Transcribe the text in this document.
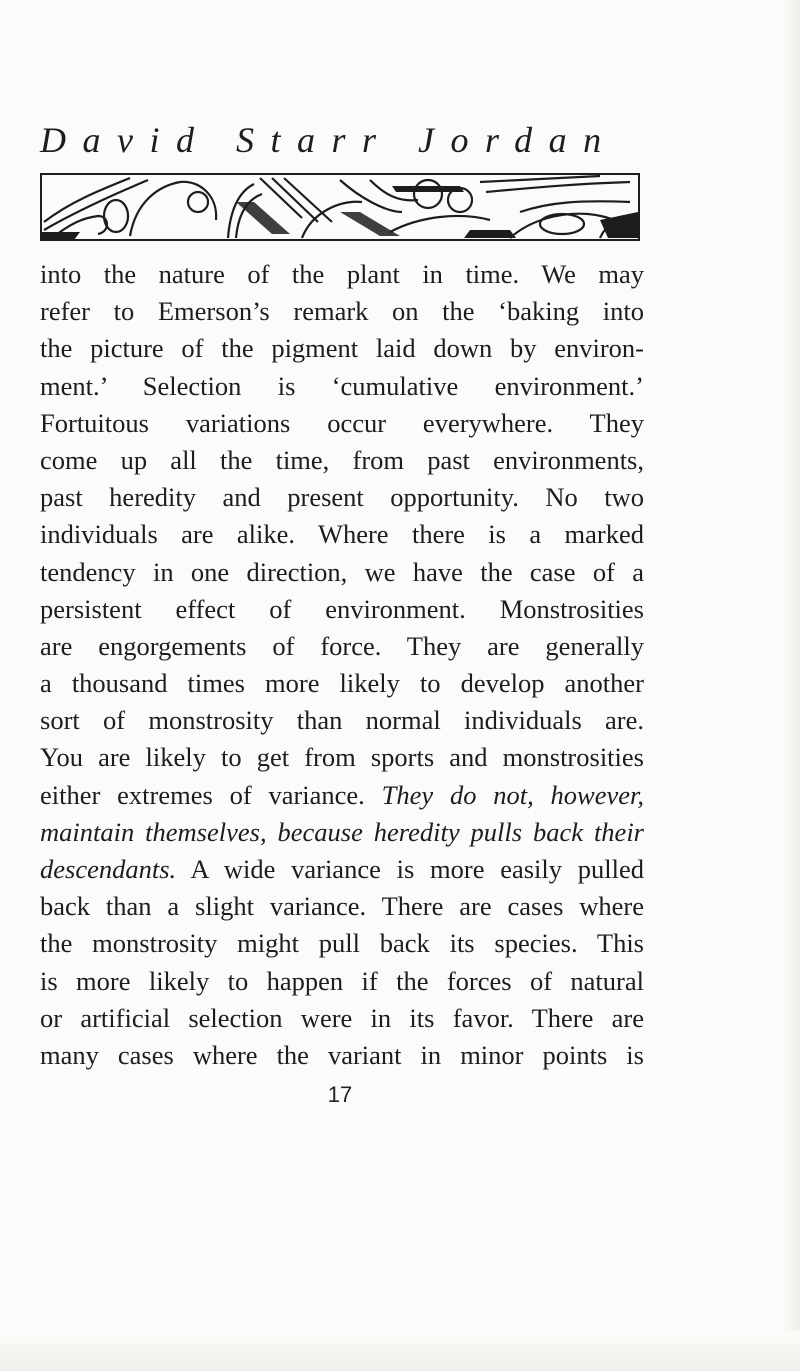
David Starr Jordan
into the nature of the plant in time. We may
refer to Emerson’s remark on the ‘baking into
the picture of the pigment laid down by environ-
ment.’ Selection is ‘cumulative environment.’
Fortuitous variations occur everywhere. They
come up all the time, from past environments,
past heredity and present opportunity. No two
individuals are alike. Where there is a marked
tendency in one direction, we have the case of a
persistent effect of environment. Monstrosities
are engorgements of force. They are generally
a thousand times more likely to develop another
sort of monstrosity than normal individuals are.
You are likely to get from sports and monstrosities
either extremes of variance. They do not, however,
maintain themselves, because heredity pulls back their
descendants. A wide variance is more easily pulled
back than a slight variance. There are cases where
the monstrosity might pull back its species. This
is more likely to happen if the forces of natural
or artificial selection were in its favor. There are
many cases where the variant in minor points is
17
